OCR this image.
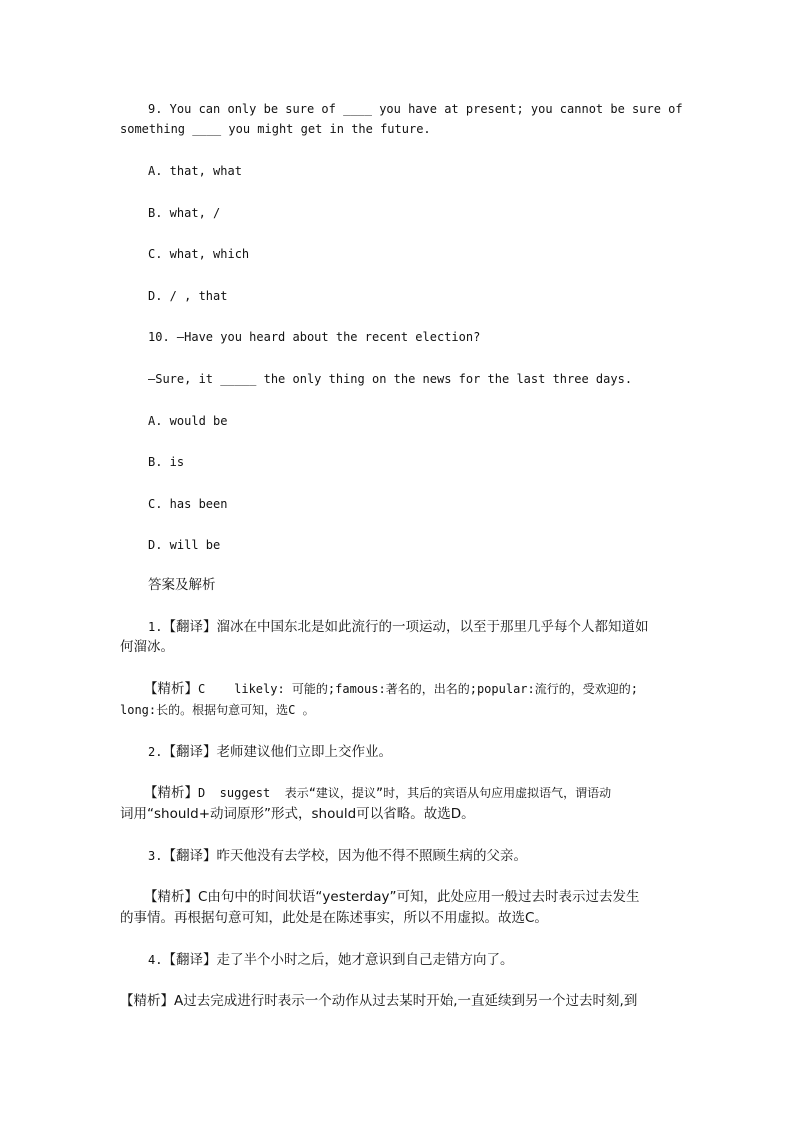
9. You can only be sure of ____ you have at present; you cannot be sure of
something ____ you might get in the future.
A. that, what
B. what, /
C. what, which
D. / , that
10. —Have you heard about the recent election?
—Sure, it _____ the only thing on the news for the last three days.
A. would be
B. is
C. has been
D. will be
答案及解析
1.【翻译】溜冰在中国东北是如此流行的一项运动，以至于那里几乎每个人都知道如
何溜冰。
【精析】C    likely: 可能的;famous:著名的，出名的;popular:流行的，受欢迎的;
long:长的。根据句意可知，选C 。
2.【翻译】老师建议他们立即上交作业。
【精析】D  suggest  表示“建议，提议”时，其后的宾语从句应用虚拟语气，谓语动
词用“should+动词原形”形式，should可以省略。故选D。
3.【翻译】昨天他没有去学校，因为他不得不照顾生病的父亲。
【精析】C由句中的时间状语“yesterday”可知，此处应用一般过去时表示过去发生
的事情。再根据句意可知，此处是在陈述事实，所以不用虚拟。故选C。
4.【翻译】走了半个小时之后，她才意识到自己走错方向了。
【精析】A过去完成进行时表示一个动作从过去某时开始,一直延续到另一个过去时刻,到
